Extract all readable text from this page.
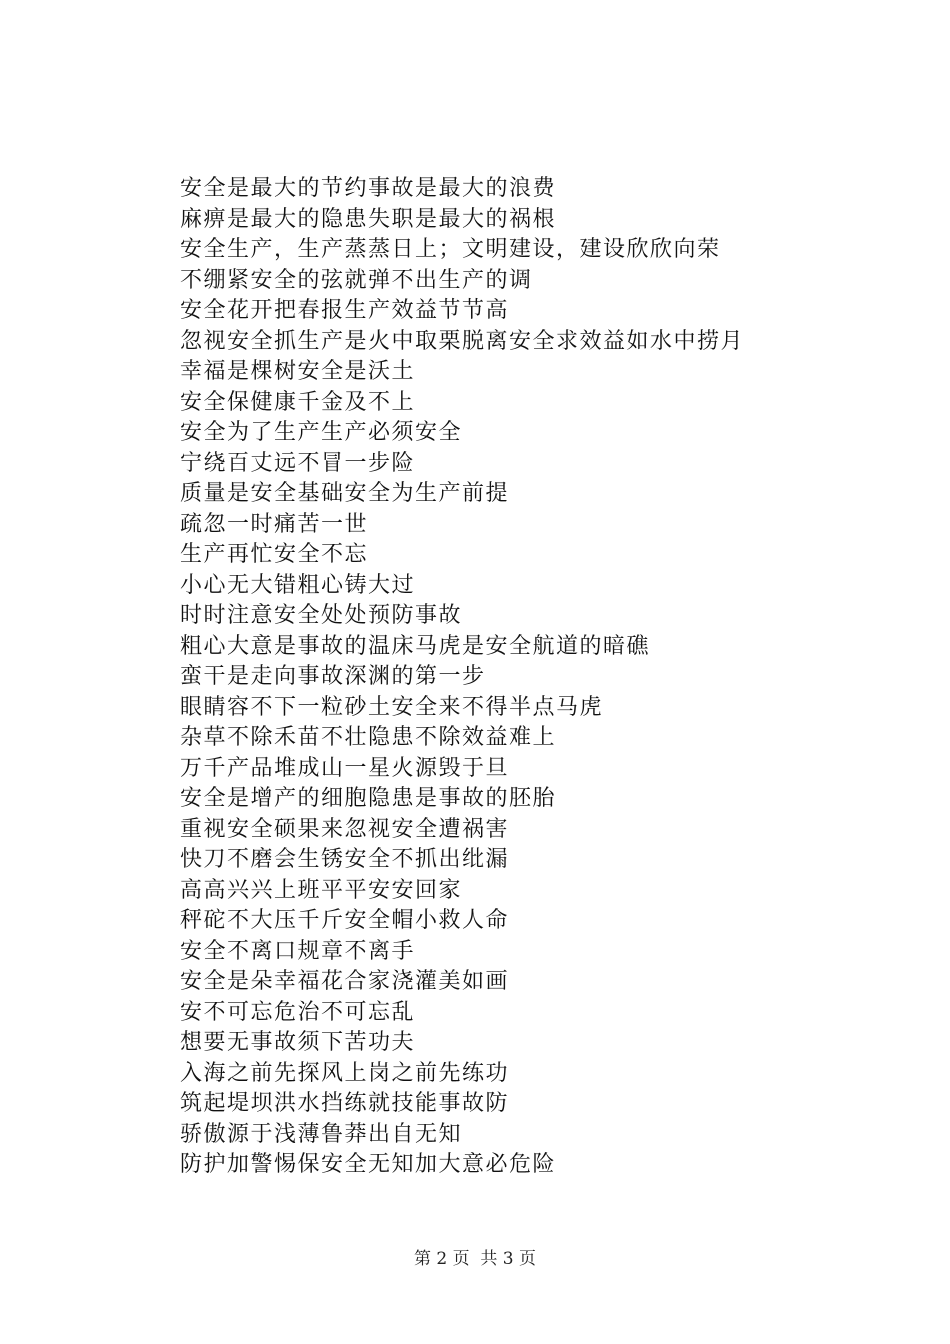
安全是最大的节约事故是最大的浪费
麻痹是最大的隐患失职是最大的祸根
安全生产，生产蒸蒸日上；文明建设，建设欣欣向荣
不绷紧安全的弦就弹不出生产的调
安全花开把春报生产效益节节高
忽视安全抓生产是火中取栗脱离安全求效益如水中捞月
幸福是棵树安全是沃土
安全保健康千金及不上
安全为了生产生产必须安全
宁绕百丈远不冒一步险
质量是安全基础安全为生产前提
疏忽一时痛苦一世
生产再忙安全不忘
小心无大错粗心铸大过
时时注意安全处处预防事故
粗心大意是事故的温床马虎是安全航道的暗礁
蛮干是走向事故深渊的第一步
眼睛容不下一粒砂土安全来不得半点马虎
杂草不除禾苗不壮隐患不除效益难上
万千产品堆成山一星火源毁于旦
安全是增产的细胞隐患是事故的胚胎
重视安全硕果来忽视安全遭祸害
快刀不磨会生锈安全不抓出纰漏
高高兴兴上班平平安安回家
秤砣不大压千斤安全帽小救人命
安全不离口规章不离手
安全是朵幸福花合家浇灌美如画
安不可忘危治不可忘乱
想要无事故须下苦功夫
入海之前先探风上岗之前先练功
筑起堤坝洪水挡练就技能事故防
骄傲源于浅薄鲁莽出自无知
防护加警惕保安全无知加大意必危险
第 2 页  共 3 页
